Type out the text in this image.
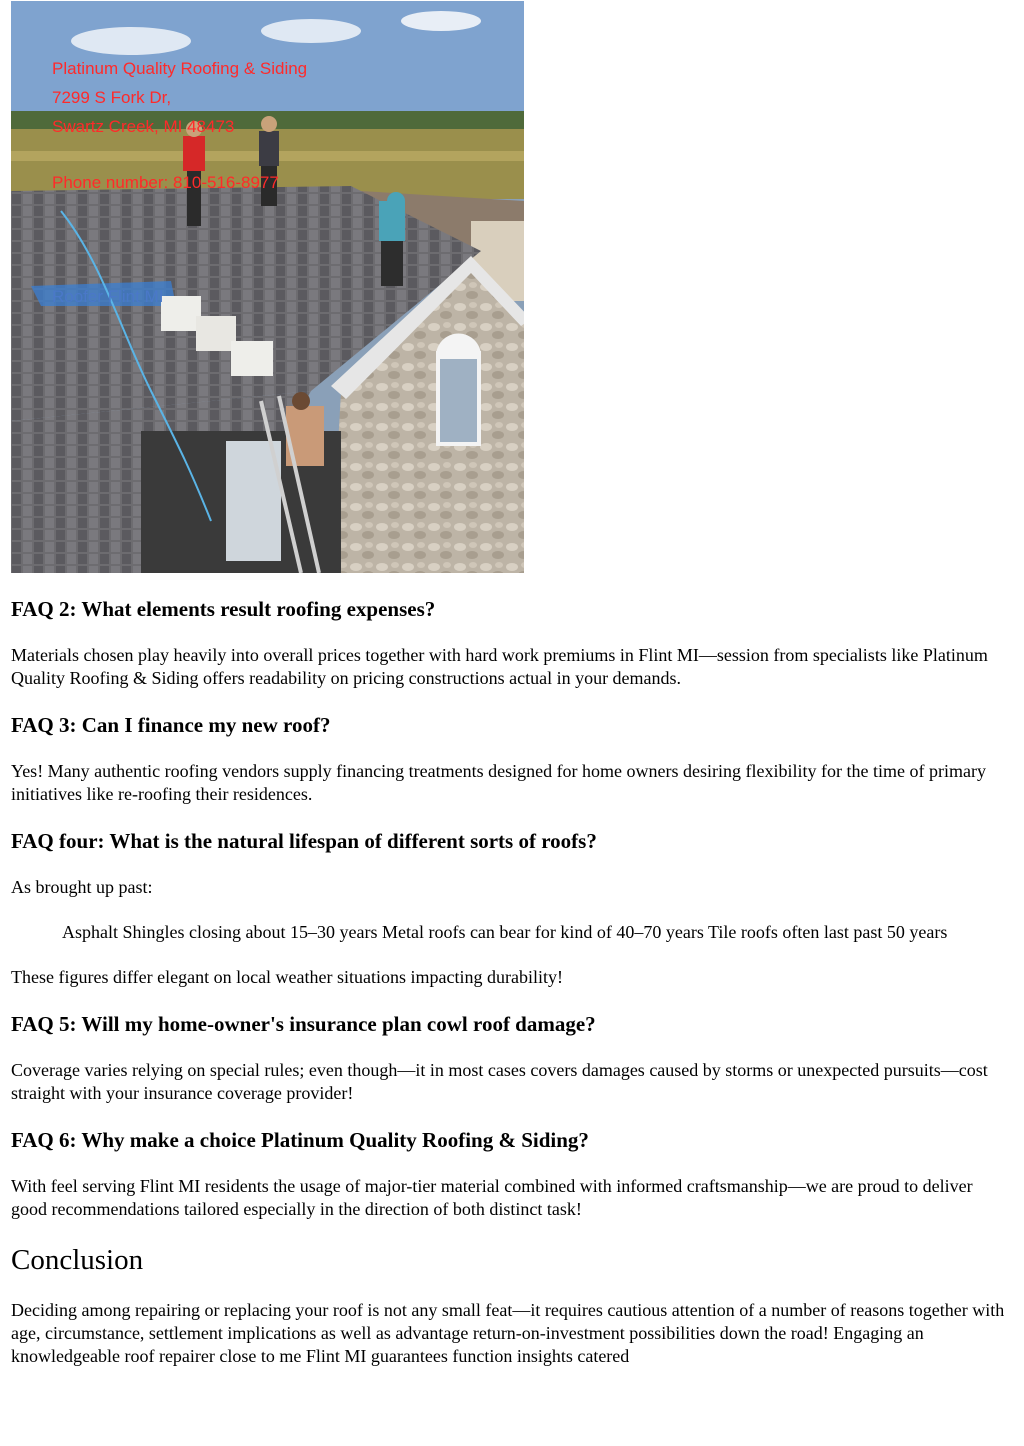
Platinum Quality Roofing & Siding
7299 S Fork Dr,
Swartz Creek, MI 48473
Phone number: 810-516-8977
Roofer Flint MI
FAQ 2: What elements result roofing expenses?

Materials chosen play heavily into overall prices together with hard work premiums in Flint MI—session from specialists like Platinum Quality Roofing & Siding offers readability on pricing constructions actual in your demands.

FAQ 3: Can I finance my new roof?

Yes! Many authentic roofing vendors supply financing treatments designed for home owners desiring flexibility for the time of primary initiatives like re-roofing their residences.

FAQ four: What is the natural lifespan of different sorts of roofs?

As brought up past:

Asphalt Shingles closing about 15–30 years Metal roofs can bear for kind of 40–70 years Tile roofs often last past 50 years

These figures differ elegant on local weather situations impacting durability!

FAQ 5: Will my home-owner's insurance plan cowl roof damage?

Coverage varies relying on special rules; even though—it in most cases covers damages caused by storms or unexpected pursuits—cost straight with your insurance coverage provider!

FAQ 6: Why make a choice Platinum Quality Roofing & Siding?

With feel serving Flint MI residents the usage of major-tier material combined with informed craftsmanship—we are proud to deliver good recommendations tailored especially in the direction of both distinct task!

Conclusion

Deciding among repairing or replacing your roof is not any small feat—it requires cautious attention of a number of reasons together with age, circumstance, settlement implications as well as advantage return-on-investment possibilities down the road! Engaging an knowledgeable roof repairer close to me Flint MI guarantees function insights catered
